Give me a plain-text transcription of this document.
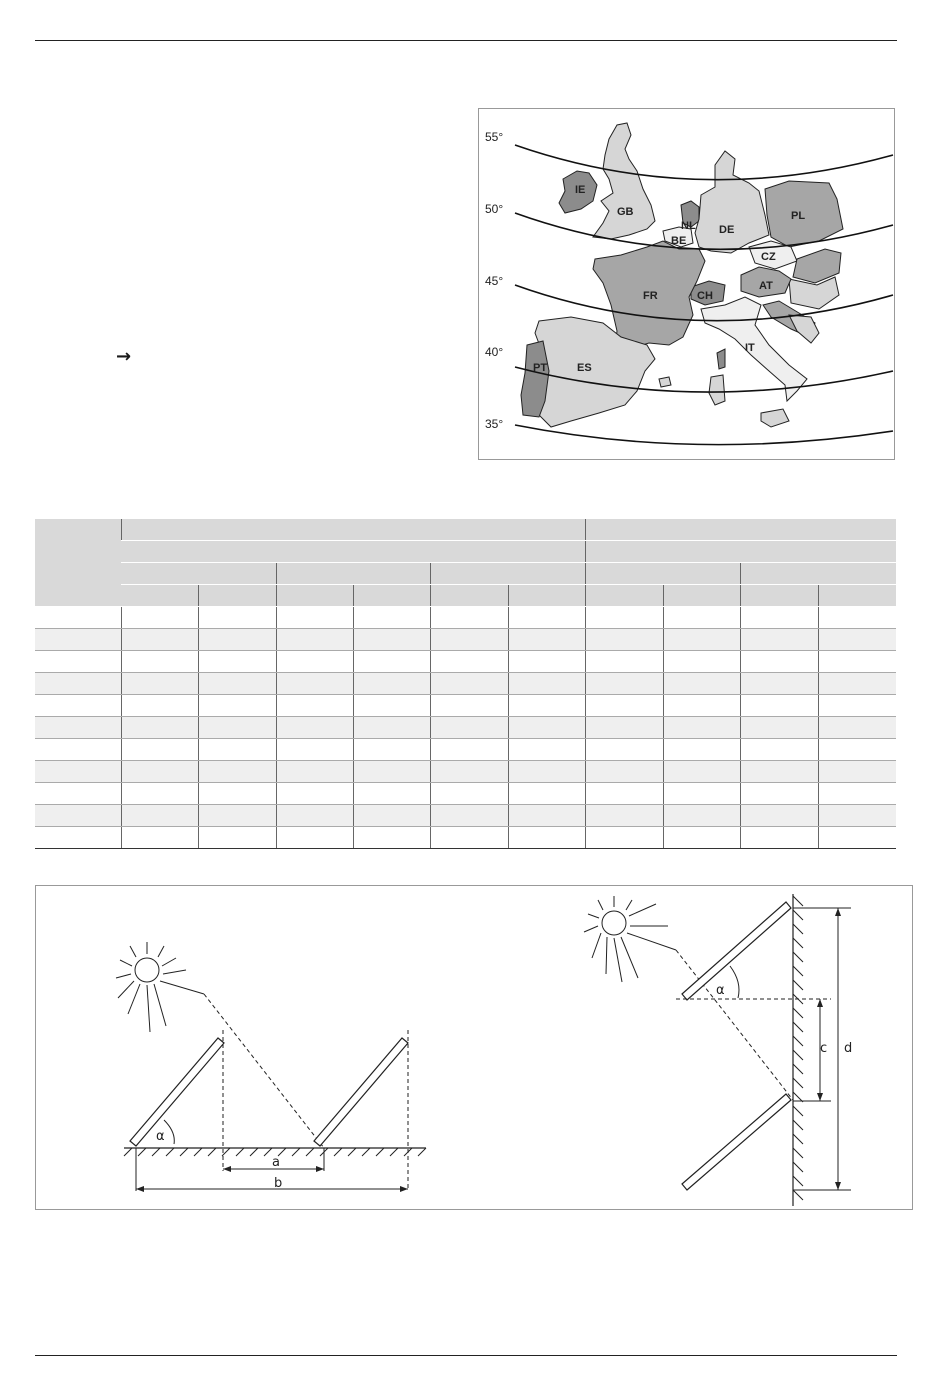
→
55°
50°
45°
40°
35°
IE
GB
NL
BE
DE
PL
CZ
AT
CH
FR
IT
PT	ES

α
a
b
α
c d
